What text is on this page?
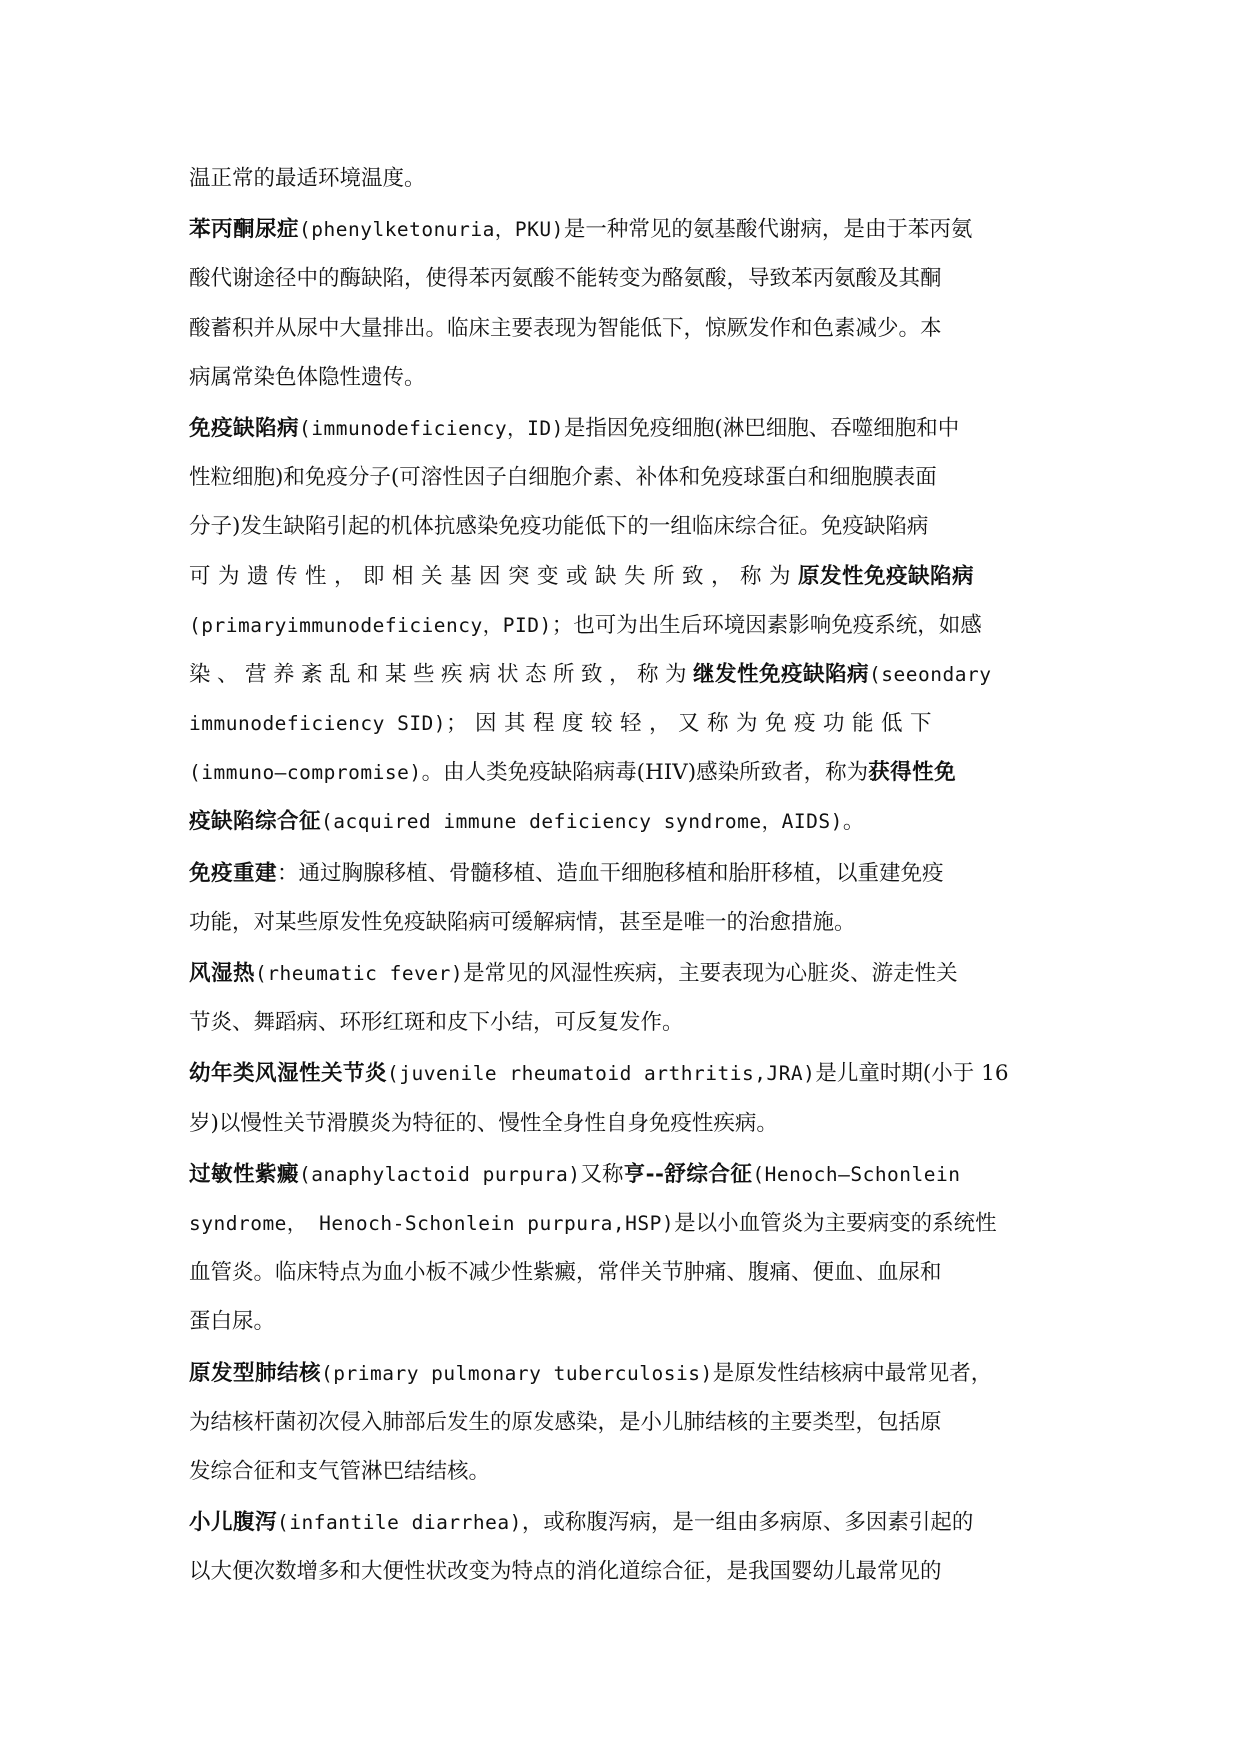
温正常的最适环境温度。
苯丙酮尿症(phenylketonuria，PKU)是一种常见的氨基酸代谢病，是由于苯丙氨
酸代谢途径中的酶缺陷，使得苯丙氨酸不能转变为酪氨酸，导致苯丙氨酸及其酮
酸蓄积并从尿中大量排出。临床主要表现为智能低下，惊厥发作和色素减少。本
病属常染色体隐性遗传。
免疫缺陷病(immunodeficiency，ID)是指因免疫细胞(淋巴细胞、吞噬细胞和中
性粒细胞)和免疫分子(可溶性因子白细胞介素、补体和免疫球蛋白和细胞膜表面
分子)发生缺陷引起的机体抗感染免疫功能低下的一组临床综合征。免疫缺陷病
可为遗传性，即相关基因突变或缺失所致，称为原发性免疫缺陷病
(primaryimmunodeficiency，PID)；也可为出生后环境因素影响免疫系统，如感
染、营养紊乱和某些疾病状态所致，称为继发性免疫缺陷病(seeondary
immunodeficiency SID)；因其程度较轻，又称为免疫功能低下
(immuno—compromise)。由人类免疫缺陷病毒(HIV)感染所致者，称为获得性免
疫缺陷综合征(acquired immune deficiency syndrome，AIDS)。
免疫重建：通过胸腺移植、骨髓移植、造血干细胞移植和胎肝移植，以重建免疫
功能，对某些原发性免疫缺陷病可缓解病情，甚至是唯一的治愈措施。
风湿热(rheumatic fever)是常见的风湿性疾病，主要表现为心脏炎、游走性关
节炎、舞蹈病、环形红斑和皮下小结，可反复发作。
幼年类风湿性关节炎(juvenile rheumatoid arthritis,JRA)是儿童时期(小于 16
岁)以慢性关节滑膜炎为特征的、慢性全身性自身免疫性疾病。
过敏性紫癜(anaphylactoid purpura)又称亨--舒综合征(Henoch—Schonlein
syndrome， Henoch-Schonlein purpura,HSP)是以小血管炎为主要病变的系统性
血管炎。临床特点为血小板不减少性紫癜，常伴关节肿痛、腹痛、便血、血尿和
蛋白尿。
原发型肺结核(primary pulmonary tuberculosis)是原发性结核病中最常见者，
为结核杆菌初次侵入肺部后发生的原发感染，是小儿肺结核的主要类型，包括原
发综合征和支气管淋巴结结核。
小儿腹泻(infantile diarrhea)，或称腹泻病，是一组由多病原、多因素引起的
以大便次数增多和大便性状改变为特点的消化道综合征，是我国婴幼儿最常见的
